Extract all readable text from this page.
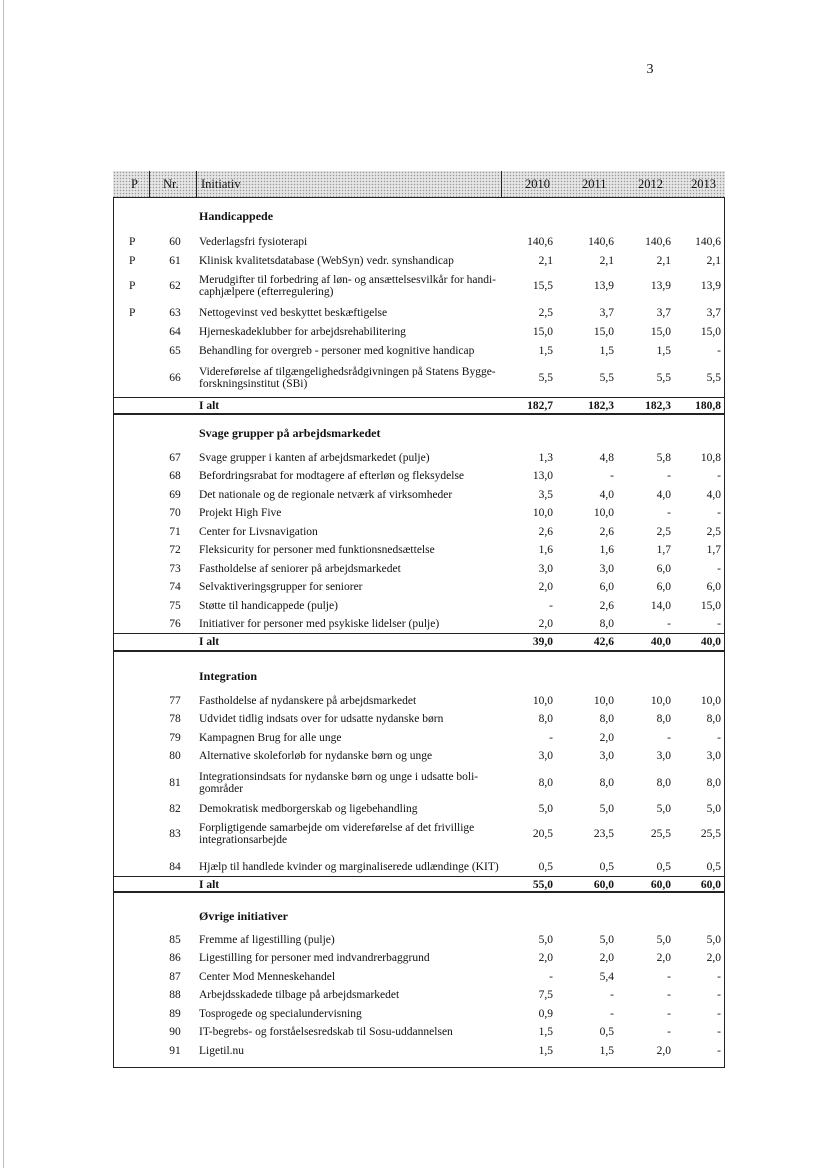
3
P	Nr.	Initiativ	2010	2011	2012	2013
Handicappede
P	60	Vederlagsfri fysioterapi	140,6	140,6	140,6	140,6
P	61	Klinisk kvalitetsdatabase (WebSyn) vedr. synshandicap	2,1	2,1	2,1	2,1
P	62	Merudgifter til forbedring af løn- og ansættelsesvilkår for handi-caphjælpere (efterregulering)	15,5	13,9	13,9	13,9
P	63	Nettogevinst ved beskyttet beskæftigelse	2,5	3,7	3,7	3,7
64	Hjerneskadeklubber for arbejdsrehabilitering	15,0	15,0	15,0	15,0
65	Behandling for overgreb - personer med kognitive handicap	1,5	1,5	1,5	-
66	Videreførelse af tilgængelighedsrådgivningen på Statens Bygge-forskningsinstitut (SBi)	5,5	5,5	5,5	5,5
I alt	182,7	182,3	182,3	180,8
Svage grupper på arbejdsmarkedet
67	Svage grupper i kanten af arbejdsmarkedet (pulje)	1,3	4,8	5,8	10,8
68	Befordringsrabat for modtagere af efterløn og fleksydelse	13,0	-	-	-
69	Det nationale og de regionale netværk af virksomheder	3,5	4,0	4,0	4,0
70	Projekt High Five	10,0	10,0	-	-
71	Center for Livsnavigation	2,6	2,6	2,5	2,5
72	Fleksicurity for personer med funktionsnedsættelse	1,6	1,6	1,7	1,7
73	Fastholdelse af seniorer på arbejdsmarkedet	3,0	3,0	6,0	-
74	Selvaktiveringsgrupper for seniorer	2,0	6,0	6,0	6,0
75	Støtte til handicappede (pulje)	-	2,6	14,0	15,0
76	Initiativer for personer med psykiske lidelser (pulje)	2,0	8,0	-	-
I alt	39,0	42,6	40,0	40,0
Integration
77	Fastholdelse af nydanskere på arbejdsmarkedet	10,0	10,0	10,0	10,0
78	Udvidet tidlig indsats over for udsatte nydanske børn	8,0	8,0	8,0	8,0
79	Kampagnen Brug for alle unge	-	2,0	-	-
80	Alternative skoleforløb for nydanske børn og unge	3,0	3,0	3,0	3,0
81	Integrationsindsats for nydanske børn og unge i udsatte boli-gområder	8,0	8,0	8,0	8,0
82	Demokratisk medborgerskab og ligebehandling	5,0	5,0	5,0	5,0
83	Forpligtigende samarbejde om videreførelse af det frivillige integrationsarbejde	20,5	23,5	25,5	25,5
84	Hjælp til handlede kvinder og marginaliserede udlændinge (KIT)	0,5	0,5	0,5	0,5
I alt	55,0	60,0	60,0	60,0
Øvrige initiativer
85	Fremme af ligestilling (pulje)	5,0	5,0	5,0	5,0
86	Ligestilling for personer med indvandrerbaggrund	2,0	2,0	2,0	2,0
87	Center Mod Menneskehandel	-	5,4	-	-
88	Arbejdsskadede tilbage på arbejdsmarkedet	7,5	-	-	-
89	Tosprogede og specialundervisning	0,9	-	-	-
90	IT-begrebs- og forståelsesredskab til Sosu-uddannelsen	1,5	0,5	-	-
91	Ligetil.nu	1,5	1,5	2,0	-
